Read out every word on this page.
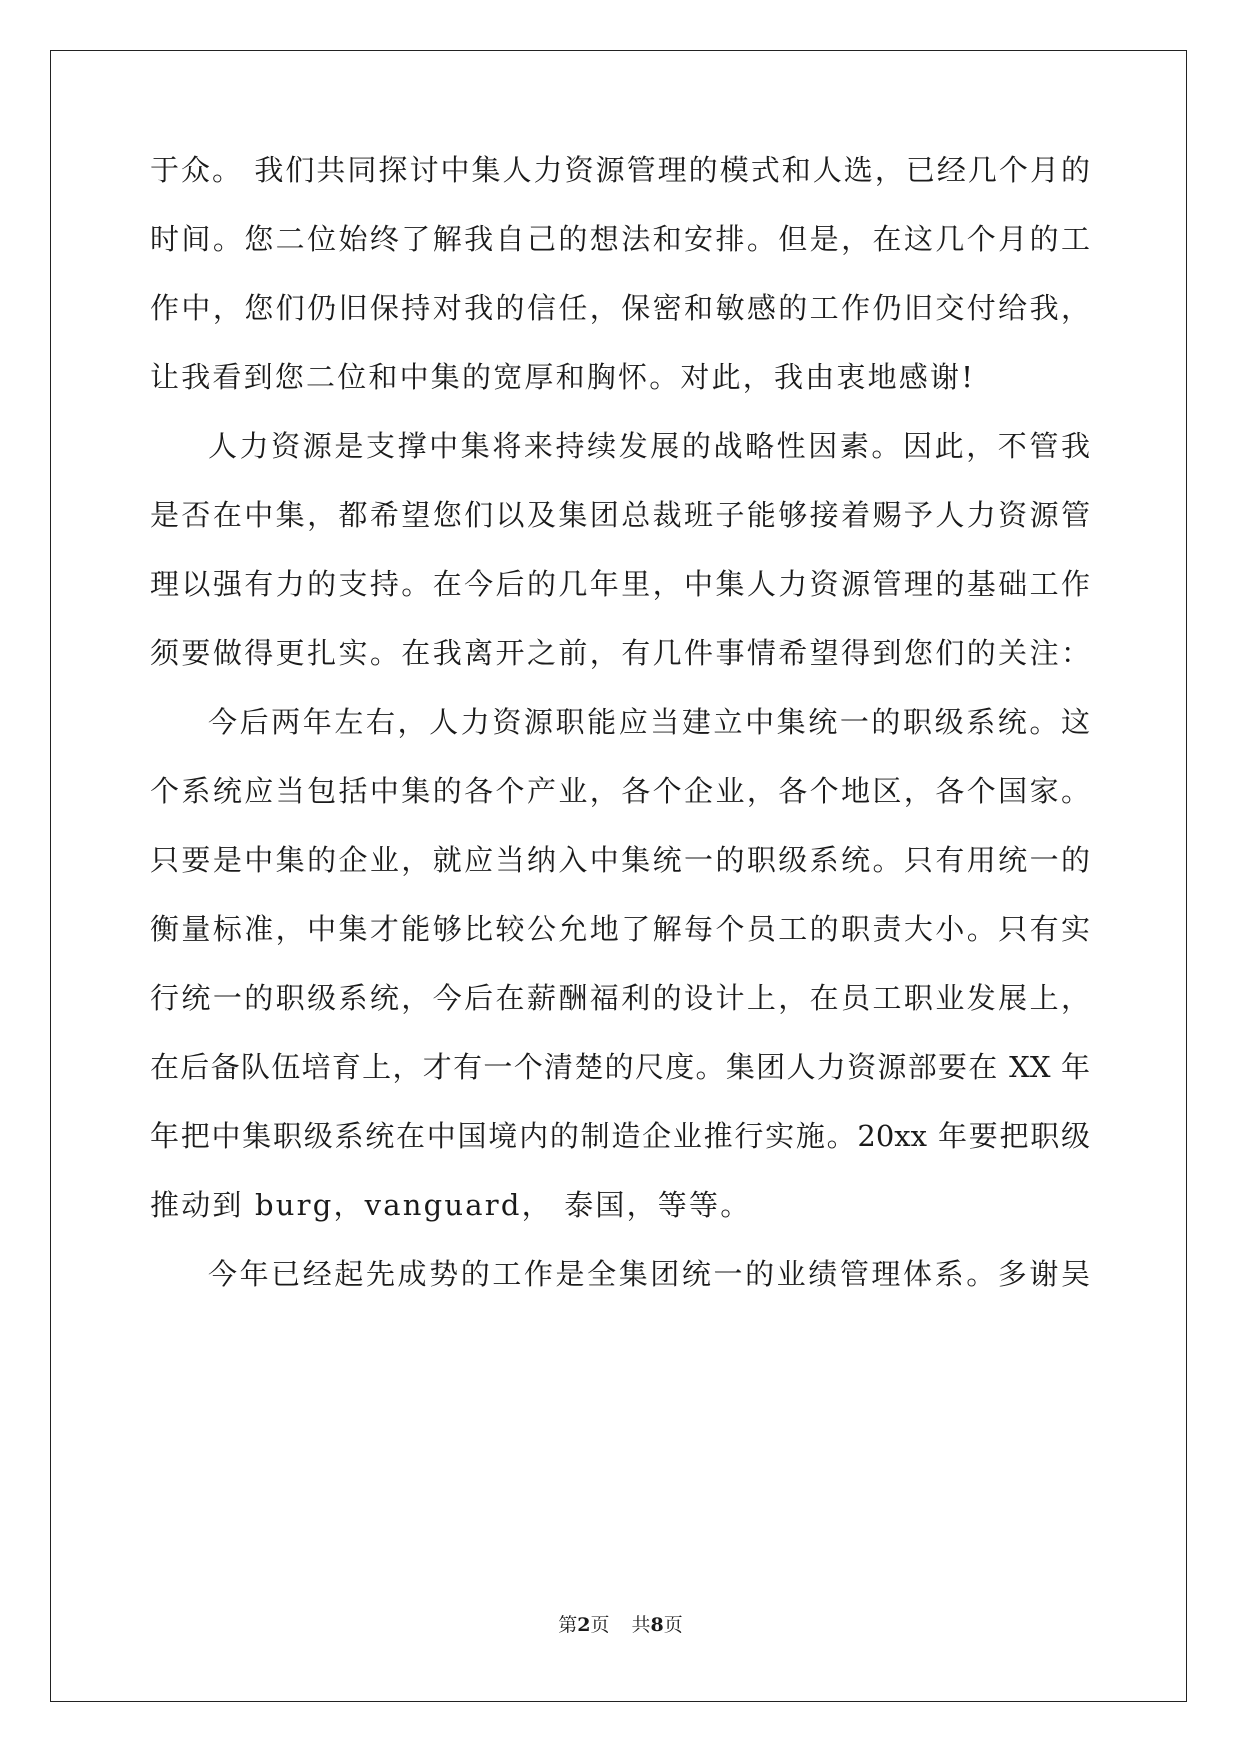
于众。 我们共同探讨中集人力资源管理的模式和人选，已经几个月的
时间。您二位始终了解我自己的想法和安排。但是，在这几个月的工
作中，您们仍旧保持对我的信任，保密和敏感的工作仍旧交付给我，
让我看到您二位和中集的宽厚和胸怀。对此，我由衷地感谢!
人力资源是支撑中集将来持续发展的战略性因素。因此，不管我
是否在中集，都希望您们以及集团总裁班子能够接着赐予人力资源管
理以强有力的支持。在今后的几年里，中集人力资源管理的基础工作
须要做得更扎实。在我离开之前，有几件事情希望得到您们的关注：
今后两年左右，人力资源职能应当建立中集统一的职级系统。这
个系统应当包括中集的各个产业，各个企业，各个地区，各个国家。
只要是中集的企业，就应当纳入中集统一的职级系统。只有用统一的
衡量标准，中集才能够比较公允地了解每个员工的职责大小。只有实
行统一的职级系统，今后在薪酬福利的设计上，在员工职业发展上，
在后备队伍培育上，才有一个清楚的尺度。集团人力资源部要在 XX 年
年把中集职级系统在中国境内的制造企业推行实施。20xx 年要把职级
推动到 burg，vanguard， 泰国，等等。
今年已经起先成势的工作是全集团统一的业绩管理体系。多谢吴
第2页 共8页
